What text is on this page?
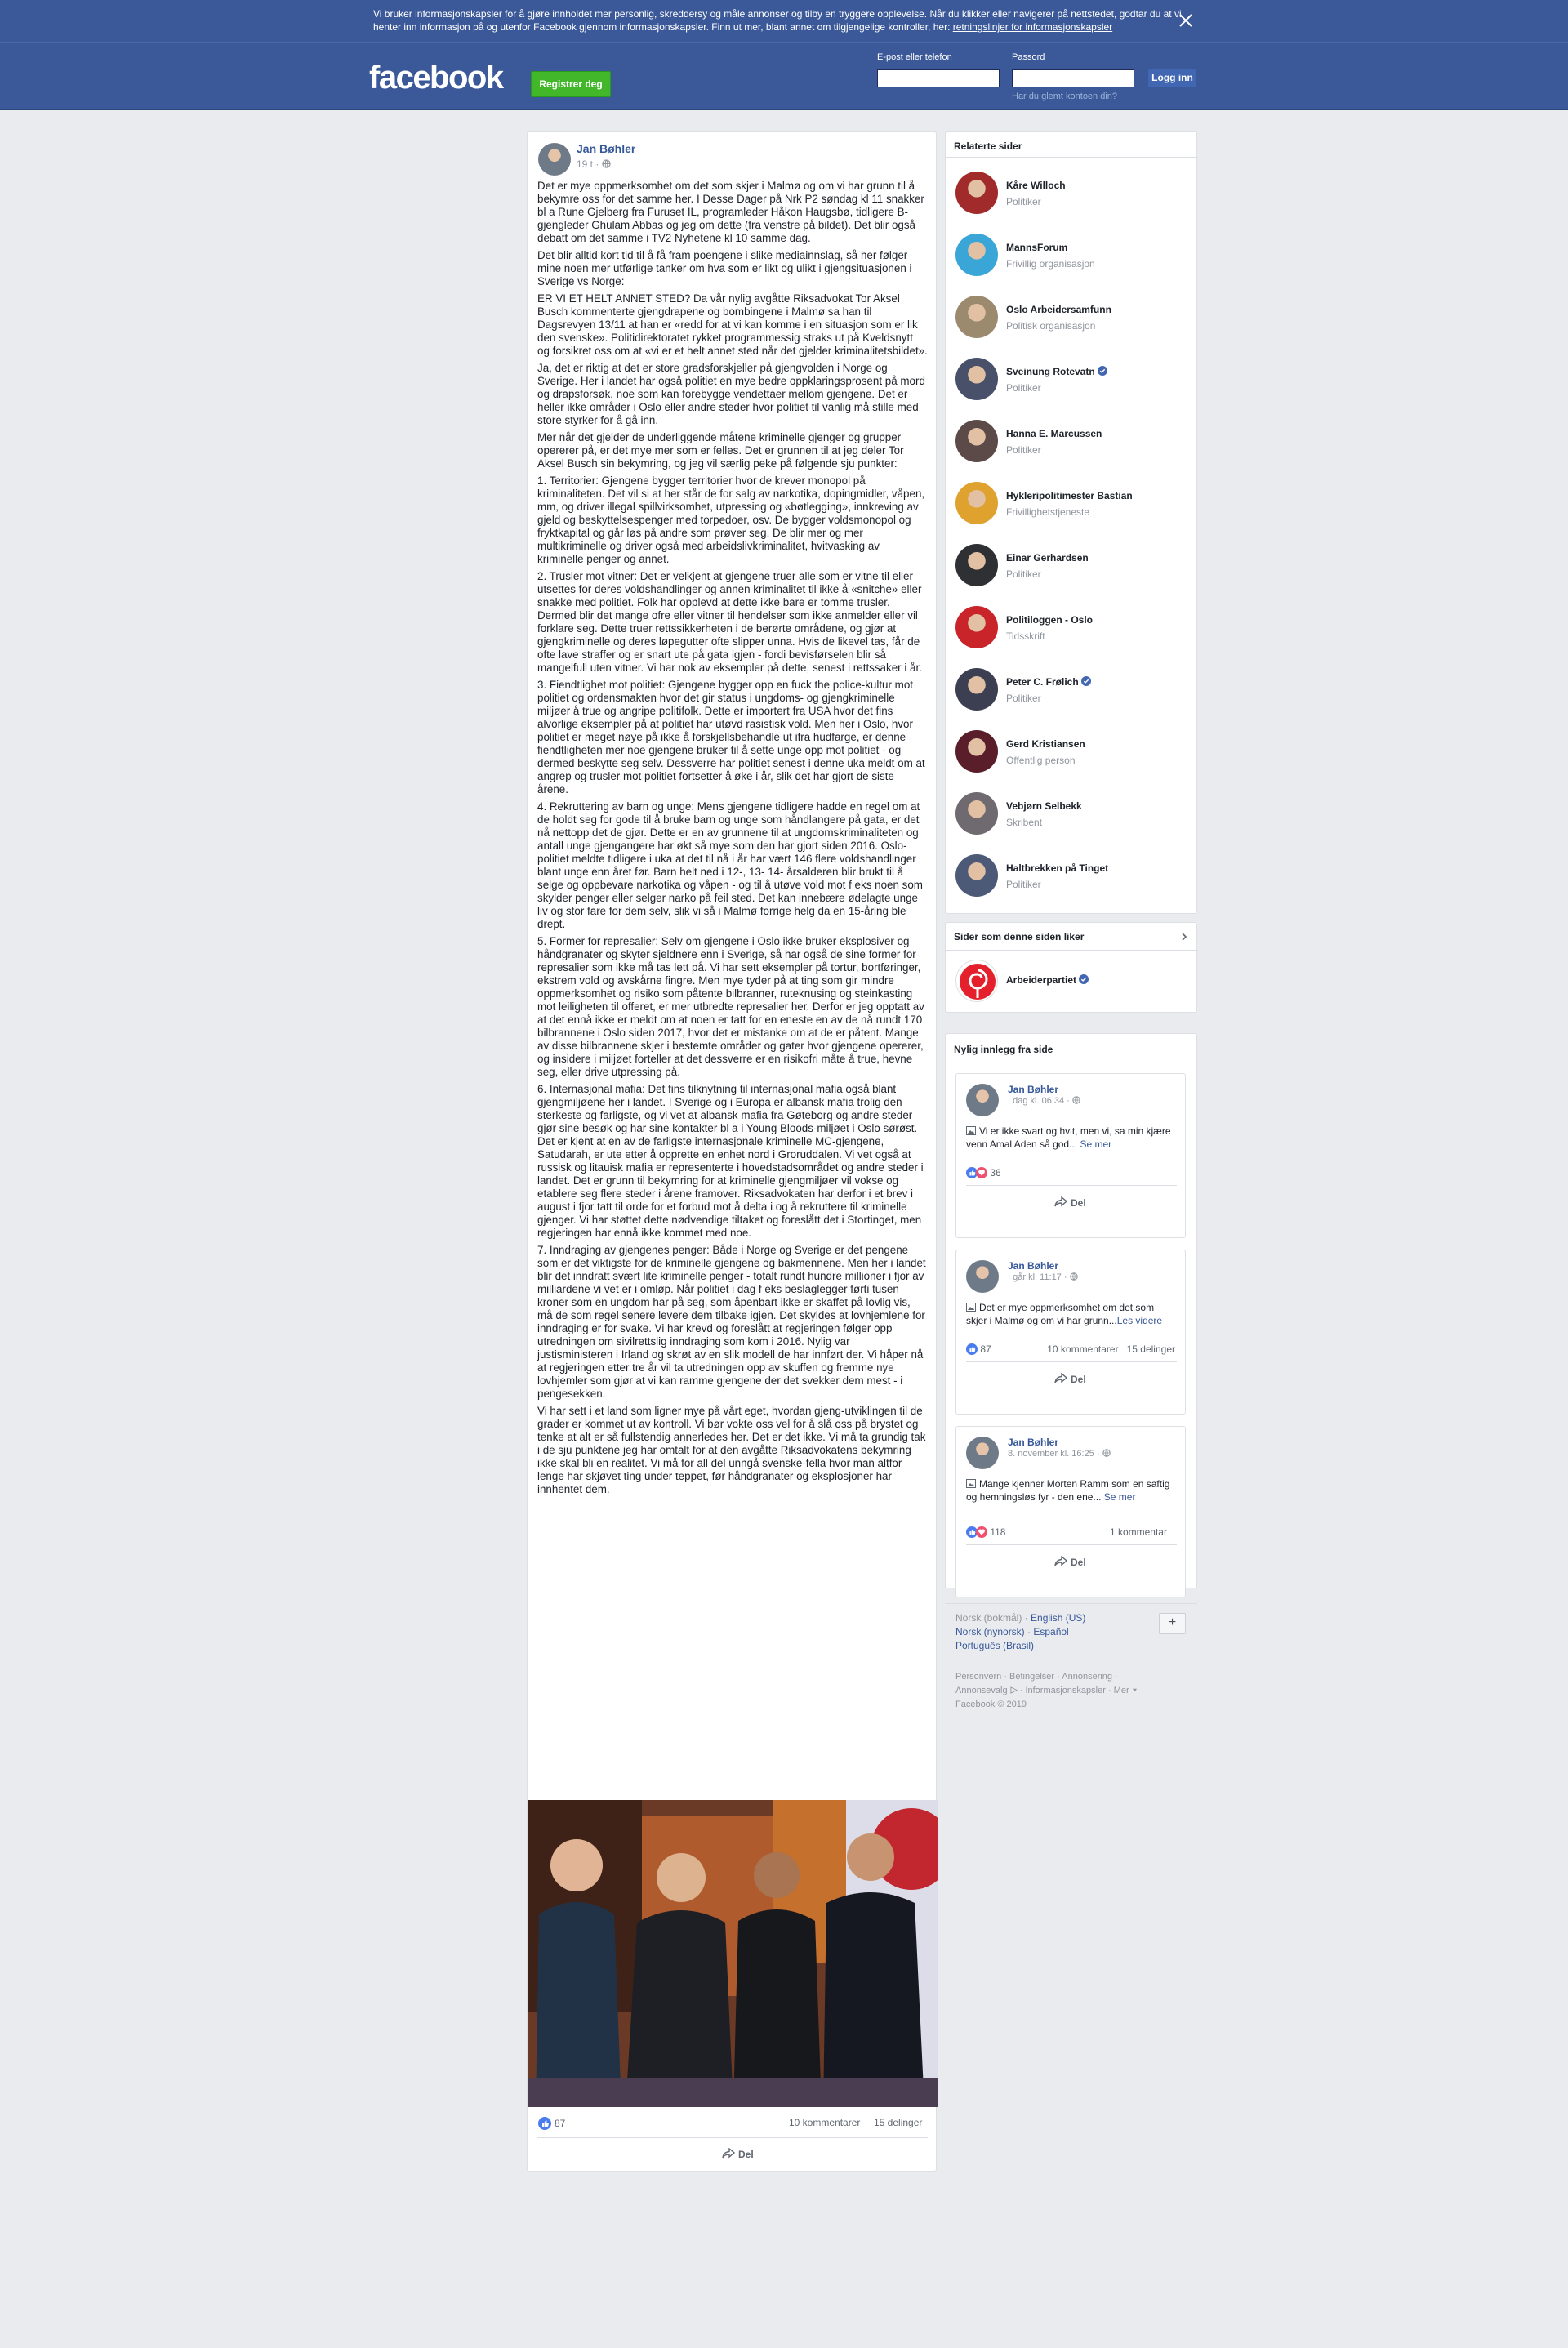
Vi bruker informasjonskapsler for å gjøre innholdet mer personlig, skreddersy og måle annonser og tilby en tryggere opplevelse. Når du klikker eller navigerer på nettstedet, godtar du at vi henter inn informasjon på og utenfor Facebook gjennom informasjonskapsler. Finn ut mer, blant annet om tilgjengelige kontroller, her: retningslinjer for informasjonskapsler
facebook	Registrer deg
E-post eller telefon	Passord
Logg inn
Har du glemt kontoen din?
Jan Bøhler
19 t ·

Det er mye oppmerksomhet om det som skjer i Malmø og om vi har grunn til å bekymre oss for det samme her. I Desse Dager på Nrk P2 søndag kl 11 snakker bl a Rune Gjelberg fra Furuset IL, programleder Håkon Haugsbø, tidligere B-gjengleder Ghulam Abbas og jeg om dette (fra venstre på bildet). Det blir også debatt om det samme i TV2 Nyhetene kl 10 samme dag.

Det blir alltid kort tid til å få fram poengene i slike mediainnslag, så her følger mine noen mer utførlige tanker om hva som er likt og ulikt i gjengsituasjonen i Sverige vs Norge:

ER VI ET HELT ANNET STED? Da vår nylig avgåtte Riksadvokat Tor Aksel Busch kommenterte gjengdrapene og bombingene i Malmø sa han til Dagsrevyen 13/11 at han er «redd for at vi kan komme i en situasjon som er lik den svenske». Politidirektoratet rykket programmessig straks ut på Kveldsnytt og forsikret oss om at «vi er et helt annet sted når det gjelder kriminalitetsbildet».

Ja, det er riktig at det er store gradsforskjeller på gjengvolden i Norge og Sverige. Her i landet har også politiet en mye bedre oppklaringsprosent på mord og drapsforsøk, noe som kan forebygge vendettaer mellom gjengene. Det er heller ikke områder i Oslo eller andre steder hvor politiet til vanlig må stille med store styrker for å gå inn.

Mer når det gjelder de underliggende måtene kriminelle gjenger og grupper opererer på, er det mye mer som er felles. Det er grunnen til at jeg deler Tor Aksel Busch sin bekymring, og jeg vil særlig peke på følgende sju punkter:

1. Territorier: Gjengene bygger territorier hvor de krever monopol på kriminaliteten. Det vil si at her står de for salg av narkotika, dopingmidler, våpen, mm, og driver illegal spillvirksomhet, utpressing og «bøtlegging», innkreving av gjeld og beskyttelsespenger med torpedoer, osv. De bygger voldsmonopol og fryktkapital og går løs på andre som prøver seg. De blir mer og mer multikriminelle og driver også med arbeidslivkriminalitet, hvitvasking av kriminelle penger og annet.

2. Trusler mot vitner: Det er velkjent at gjengene truer alle som er vitne til eller utsettes for deres voldshandlinger og annen kriminalitet til ikke å «snitche» eller snakke med politiet. Folk har opplevd at dette ikke bare er tomme trusler. Dermed blir det mange ofre eller vitner til hendelser som ikke anmelder eller vil forklare seg. Dette truer rettssikkerheten i de berørte områdene, og gjør at gjengkriminelle og deres løpegutter ofte slipper unna. Hvis de likevel tas, får de ofte lave straffer og er snart ute på gata igjen - fordi bevisførselen blir så mangelfull uten vitner. Vi har nok av eksempler på dette, senest i rettssaker i år.

3. Fiendtlighet mot politiet: Gjengene bygger opp en fuck the police-kultur mot politiet og ordensmakten hvor det gir status i ungdoms- og gjengkriminelle miljøer å true og angripe politifolk. Dette er importert fra USA hvor det fins alvorlige eksempler på at politiet har utøvd rasistisk vold. Men her i Oslo, hvor politiet er meget nøye på ikke å forskjellsbehandle ut ifra hudfarge, er denne fiendtligheten mer noe gjengene bruker til å sette unge opp mot politiet - og dermed beskytte seg selv. Dessverre har politiet senest i denne uka meldt om at angrep og trusler mot politiet fortsetter å øke i år, slik det har gjort de siste årene.

4. Rekruttering av barn og unge: Mens gjengene tidligere hadde en regel om at de holdt seg for gode til å bruke barn og unge som håndlangere på gata, er det nå nettopp det de gjør. Dette er en av grunnene til at ungdomskriminaliteten og antall unge gjengangere har økt så mye som den har gjort siden 2016. Oslo-politiet meldte tidligere i uka at det til nå i år har vært 146 flere voldshandlinger blant unge enn året før. Barn helt ned i 12-, 13- 14- årsalderen blir brukt til å selge og oppbevare narkotika og våpen - og til å utøve vold mot f eks noen som skylder penger eller selger narko på feil sted. Det kan innebære ødelagte unge liv og stor fare for dem selv, slik vi så i Malmø forrige helg da en 15-åring ble drept.

5. Former for represalier: Selv om gjengene i Oslo ikke bruker eksplosiver og håndgranater og skyter sjeldnere enn i Sverige, så har også de sine former for represalier som ikke må tas lett på. Vi har sett eksempler på tortur, bortføringer, ekstrem vold og avskårne fingre. Men mye tyder på at ting som gir mindre oppmerksomhet og risiko som påtente bilbranner, ruteknusing og steinkasting mot leiligheten til offeret, er mer utbredte represalier her. Derfor er jeg opptatt av at det ennå ikke er meldt om at noen er tatt for en eneste en av de nå rundt 170 bilbrannene i Oslo siden 2017, hvor det er mistanke om at de er påtent. Mange av disse bilbrannene skjer i bestemte områder og gater hvor gjengene opererer, og insidere i miljøet forteller at det dessverre er en risikofri måte å true, hevne seg, eller drive utpressing på.

6. Internasjonal mafia: Det fins tilknytning til internasjonal mafia også blant gjengmiljøene her i landet. I Sverige og i Europa er albansk mafia trolig den sterkeste og farligste, og vi vet at albansk mafia fra Gøteborg og andre steder gjør sine besøk og har sine kontakter bl a i Young Bloods-miljøet i Oslo sørøst. Det er kjent at en av de farligste internasjonale kriminelle MC-gjengene, Satudarah, er ute etter å opprette en enhet nord i Groruddalen. Vi vet også at russisk og litauisk mafia er representerte i hovedstadsområdet og andre steder i landet. Det er grunn til bekymring for at kriminelle gjengmiljøer vil vokse og etablere seg flere steder i årene framover. Riksadvokaten har derfor i et brev i august i fjor tatt til orde for et forbud mot å delta i og å rekruttere til kriminelle gjenger. Vi har støttet dette nødvendige tiltaket og foreslått det i Stortinget, men regjeringen har ennå ikke kommet med noe.

7. Inndraging av gjengenes penger: Både i Norge og Sverige er det pengene som er det viktigste for de kriminelle gjengene og bakmennene. Men her i landet blir det inndratt svært lite kriminelle penger - totalt rundt hundre millioner i fjor av milliardene vi vet er i omløp. Når politiet i dag f eks beslaglegger førti tusen kroner som en ungdom har på seg, som åpenbart ikke er skaffet på lovlig vis, må de som regel senere levere dem tilbake igjen. Det skyldes at lovhjemlene for inndraging er for svake. Vi har krevd og foreslått at regjeringen følger opp utredningen om sivilrettslig inndraging som kom i 2016. Nylig var justisministeren i Irland og skrøt av en slik modell de har innført der. Vi håper nå at regjeringen etter tre år vil ta utredningen opp av skuffen og fremme nye lovhjemler som gjør at vi kan ramme gjengene der det svekker dem mest - i pengesekken.

Vi har sett i et land som ligner mye på vårt eget, hvordan gjeng-utviklingen til de grader er kommet ut av kontroll. Vi bør vokte oss vel for å slå oss på brystet og tenke at alt er så fullstendig annerledes her. Det er det ikke. Vi må ta grundig tak i de sju punktene jeg har omtalt for at den avgåtte Riksadvokatens bekymring ikke skal bli en realitet. Vi må for all del unngå svenske-fella hvor man altfor lenge har skjøvet ting under teppet, før håndgranater og eksplosjoner har innhentet dem.

87	10 kommentarer 15 delinger
Del
Relaterte sider
Kåre Willoch
Politiker
MannsForum
Frivillig organisasjon
Oslo Arbeidersamfunn
Politisk organisasjon
Sveinung Rotevatn
Politiker
Hanna E. Marcussen
Politiker
Hykleripolitimester Bastian
Frivillighetstjeneste
Einar Gerhardsen
Politiker
Politiloggen - Oslo
Tidsskrift
Peter C. Frølich
Politiker
Gerd Kristiansen
Offentlig person
Vebjørn Selbekk
Skribent
Haltbrekken på Tinget
Politiker
Sider som denne siden liker
Arbeiderpartiet
Nylig innlegg fra side
Jan Bøhler
I dag kl. 06:34 ·
Vi er ikke svart og hvit, men vi, sa min kjære venn Amal Aden så god... Se mer
36

Del
Jan Bøhler
I går kl. 11:17 ·
Det er mye oppmerksomhet om det som skjer i Malmø og om vi har grunn...Les videre
87	10 kommentarer 15 delinger
Del
Jan Bøhler
8. november kl. 16:25 ·
Mange kjenner Morten Ramm som en saftig og hemningsløs fyr - den ene... Se mer
118	1 kommentar
Del
Norsk (bokmål) · English (US)
Norsk (nynorsk) · Español
Português (Brasil)
+
Personvern · Betingelser · Annonsering ·
Annonsevalg  · Informasjonskapsler · Mer
Facebook © 2019
